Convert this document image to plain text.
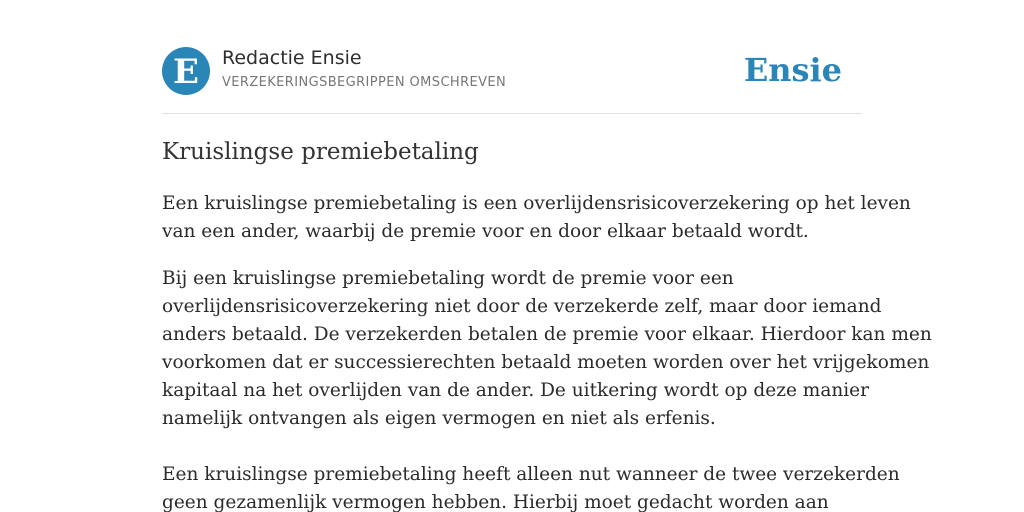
E Redactie Ensie
VERZEKERINGSBEGRIPPEN OMSCHREVEN	Ensie
Kruislingse premiebetaling

Een kruislingse premiebetaling is een overlijdensrisicoverzekering op het leven
van een ander, waarbij de premie voor en door elkaar betaald wordt.

Bij een kruislingse premiebetaling wordt de premie voor een
overlijdensrisicoverzekering niet door de verzekerde zelf, maar door iemand
anders betaald. De verzekerden betalen de premie voor elkaar. Hierdoor kan men
voorkomen dat er successierechten betaald moeten worden over het vrijgekomen
kapitaal na het overlijden van de ander. De uitkering wordt op deze manier
namelijk ontvangen als eigen vermogen en niet als erfenis.

Een kruislingse premiebetaling heeft alleen nut wanneer de twee verzekerden
geen gezamenlijk vermogen hebben. Hierbij moet gedacht worden aan
